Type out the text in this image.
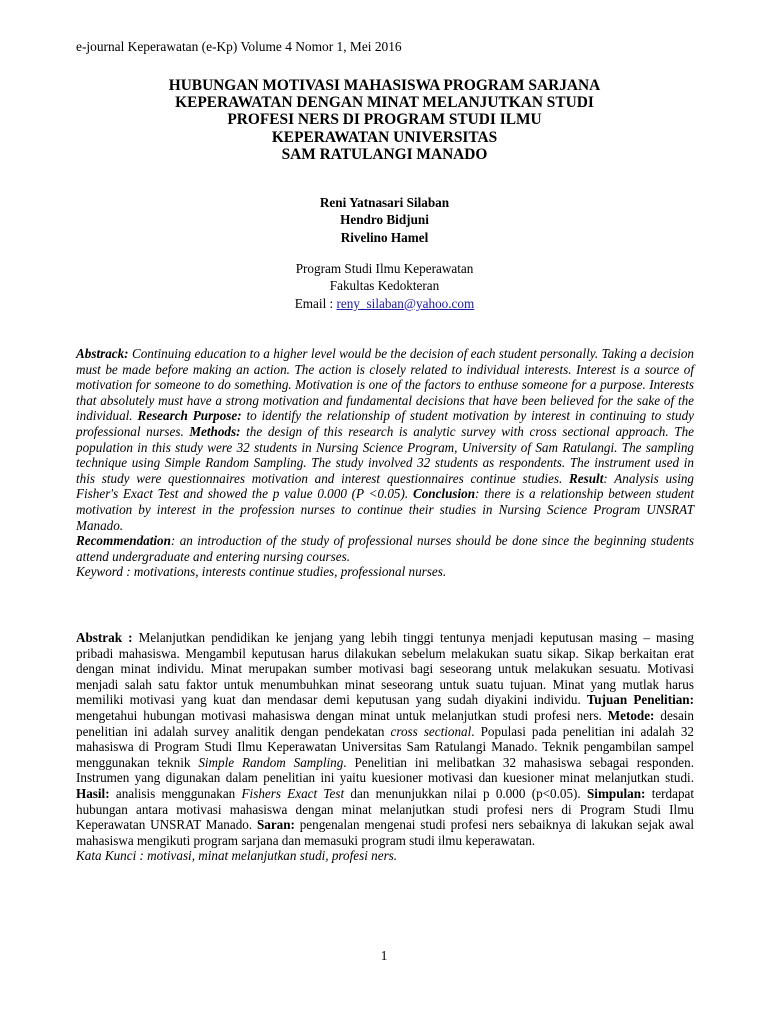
e-journal Keperawatan (e-Kp) Volume 4 Nomor 1, Mei 2016
HUBUNGAN MOTIVASI MAHASISWA PROGRAM SARJANA
KEPERAWATAN DENGAN MINAT MELANJUTKAN STUDI
PROFESI NERS DI PROGRAM STUDI ILMU
KEPERAWATAN UNIVERSITAS
SAM RATULANGI MANADO
Reni Yatnasari Silaban
Hendro Bidjuni
Rivelino Hamel
Program Studi Ilmu Keperawatan
Fakultas Kedokteran
Email : reny_silaban@yahoo.com
Abstrack: Continuing education to a higher level would be the decision of each student personally. Taking a decision must be made before making an action. The action is closely related to individual interests. Interest is a source of motivation for someone to do something. Motivation is one of the factors to enthuse someone for a purpose. Interests that absolutely must have a strong motivation and fundamental decisions that have been believed for the sake of the individual. Research Purpose: to identify the relationship of student motivation by interest in continuing to study professional nurses. Methods: the design of this research is analytic survey with cross sectional approach. The population in this study were 32 students in Nursing Science Program, University of Sam Ratulangi. The sampling technique using Simple Random Sampling. The study involved 32 students as respondents. The instrument used in this study were questionnaires motivation and interest questionnaires continue studies. Result: Analysis using Fisher's Exact Test and showed the p value 0.000 (P <0.05). Conclusion: there is a relationship between student motivation by interest in the profession nurses to continue their studies in Nursing Science Program UNSRAT Manado.
Recommendation: an introduction of the study of professional nurses should be done since the beginning students attend undergraduate and entering nursing courses.
Keyword : motivations, interests continue studies, professional nurses.
Abstrak : Melanjutkan pendidikan ke jenjang yang lebih tinggi tentunya menjadi keputusan masing – masing pribadi mahasiswa. Mengambil keputusan harus dilakukan sebelum melakukan suatu sikap. Sikap berkaitan erat dengan minat individu. Minat merupakan sumber motivasi bagi seseorang untuk melakukan sesuatu. Motivasi menjadi salah satu faktor untuk menumbuhkan minat seseorang untuk suatu tujuan. Minat yang mutlak harus memiliki motivasi yang kuat dan mendasar demi keputusan yang sudah diyakini individu. Tujuan Penelitian: mengetahui hubungan motivasi mahasiswa dengan minat untuk melanjutkan studi profesi ners. Metode: desain penelitian ini adalah survey analitik dengan pendekatan cross sectional. Populasi pada penelitian ini adalah 32 mahasiswa di Program Studi Ilmu Keperawatan Universitas Sam Ratulangi Manado. Teknik pengambilan sampel menggunakan teknik Simple Random Sampling. Penelitian ini melibatkan 32 mahasiswa sebagai responden. Instrumen yang digunakan dalam penelitian ini yaitu kuesioner motivasi dan kuesioner minat melanjutkan studi. Hasil: analisis menggunakan Fishers Exact Test dan menunjukkan nilai p 0.000 (p<0.05). Simpulan: terdapat hubungan antara motivasi mahasiswa dengan minat melanjutkan studi profesi ners di Program Studi Ilmu Keperawatan UNSRAT Manado. Saran: pengenalan mengenai studi profesi ners sebaiknya di lakukan sejak awal mahasiswa mengikuti program sarjana dan memasuki program studi ilmu keperawatan.
Kata Kunci : motivasi, minat melanjutkan studi, profesi ners.
1
